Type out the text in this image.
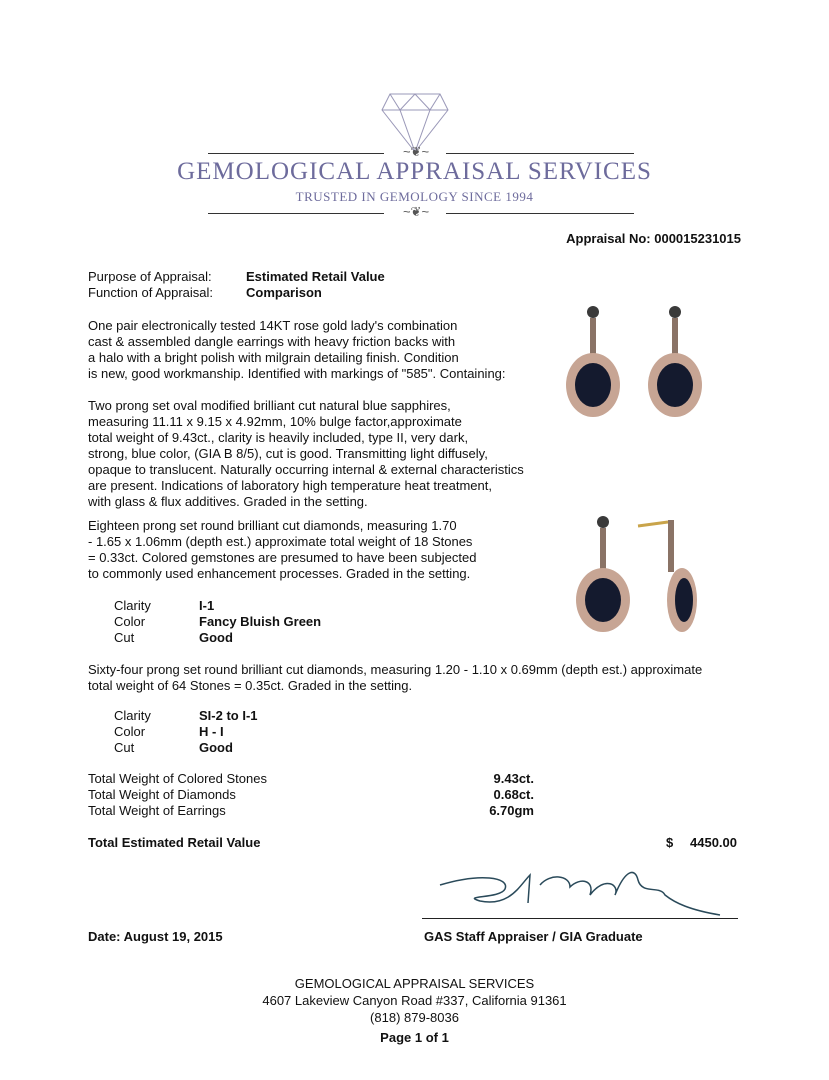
~❦~
GEMOLOGICAL APPRAISAL SERVICES
TRUSTED IN GEMOLOGY SINCE 1994
~❦~
Appraisal No: 000015231015
Purpose of Appraisal:	Estimated Retail Value
Function of Appraisal:	Comparison
One pair electronically tested 14KT rose gold lady's combination
cast & assembled dangle earrings with heavy friction backs with
a halo with a bright polish with milgrain detailing finish. Condition
is new, good workmanship. Identified with markings of "585". Containing:
Two prong set oval modified brilliant cut natural blue sapphires,
measuring 11.11 x 9.15 x 4.92mm, 10% bulge factor,approximate
total weight of 9.43ct., clarity is heavily included, type II, very dark,
strong, blue color, (GIA B 8/5), cut is good. Transmitting light diffusely,
opaque to translucent. Naturally occurring internal & external characteristics
are present. Indications of laboratory high temperature heat treatment,
with glass & flux additives. Graded in the setting.
Eighteen prong set round brilliant cut diamonds, measuring 1.70
- 1.65 x 1.06mm (depth est.) approximate total weight of 18 Stones
= 0.33ct. Colored gemstones are presumed to have been subjected
to commonly used enhancement processes. Graded in the setting.
Clarity	I-1
Color	Fancy Bluish Green
Cut	Good
Sixty-four prong set round brilliant cut diamonds, measuring 1.20 - 1.10 x 0.69mm (depth est.) approximate
total weight of 64 Stones = 0.35ct. Graded in the setting.
Clarity	SI-2 to I-1
Color	H - I
Cut	Good
Total Weight of Colored Stones	9.43ct.
Total Weight of Diamonds	0.68ct.
Total Weight of Earrings	6.70gm
Total Estimated Retail Value	$ 4450.00
Date: August 19, 2015	GAS Staff Appraiser / GIA Graduate
GEMOLOGICAL APPRAISAL SERVICES
4607 Lakeview Canyon Road #337, California 91361
(818) 879-8036
Page 1 of 1
